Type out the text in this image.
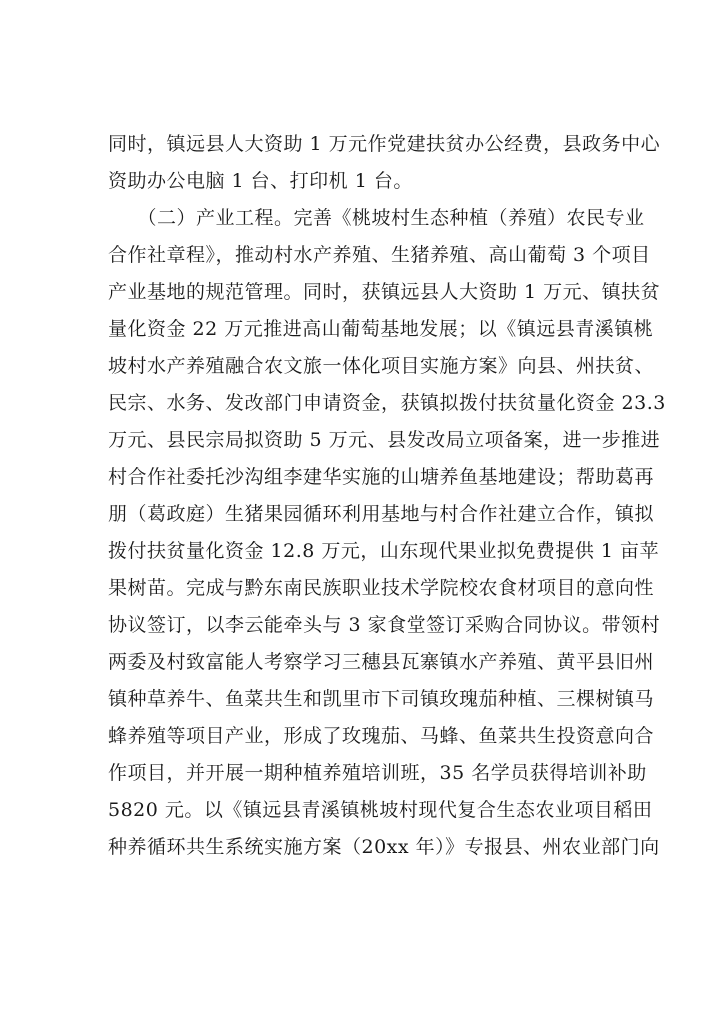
同时，镇远县人大资助 1 万元作党建扶贫办公经费，县政务中心
资助办公电脑 1 台、打印机 1 台。
　　（二）产业工程。完善《桃坡村生态种植（养殖）农民专业
合作社章程》，推动村水产养殖、生猪养殖、高山葡萄 3 个项目
产业基地的规范管理。同时，获镇远县人大资助 1 万元、镇扶贫
量化资金 22 万元推进高山葡萄基地发展；以《镇远县青溪镇桃
坡村水产养殖融合农文旅一体化项目实施方案》向县、州扶贫、
民宗、水务、发改部门申请资金，获镇拟拨付扶贫量化资金 23.3
万元、县民宗局拟资助 5 万元、县发改局立项备案，进一步推进
村合作社委托沙沟组李建华实施的山塘养鱼基地建设；帮助葛再
朋（葛政庭）生猪果园循环利用基地与村合作社建立合作，镇拟
拨付扶贫量化资金 12.8 万元，山东现代果业拟免费提供 1 亩苹
果树苗。完成与黔东南民族职业技术学院校农食材项目的意向性
协议签订，以李云能牵头与 3 家食堂签订采购合同协议。带领村
两委及村致富能人考察学习三穗县瓦寨镇水产养殖、黄平县旧州
镇种草养牛、鱼菜共生和凯里市下司镇玫瑰茄种植、三棵树镇马
蜂养殖等项目产业，形成了玫瑰茄、马蜂、鱼菜共生投资意向合
作项目，并开展一期种植养殖培训班，35 名学员获得培训补助
5820 元。以《镇远县青溪镇桃坡村现代复合生态农业项目稻田
种养循环共生系统实施方案（20xx 年）》专报县、州农业部门向
